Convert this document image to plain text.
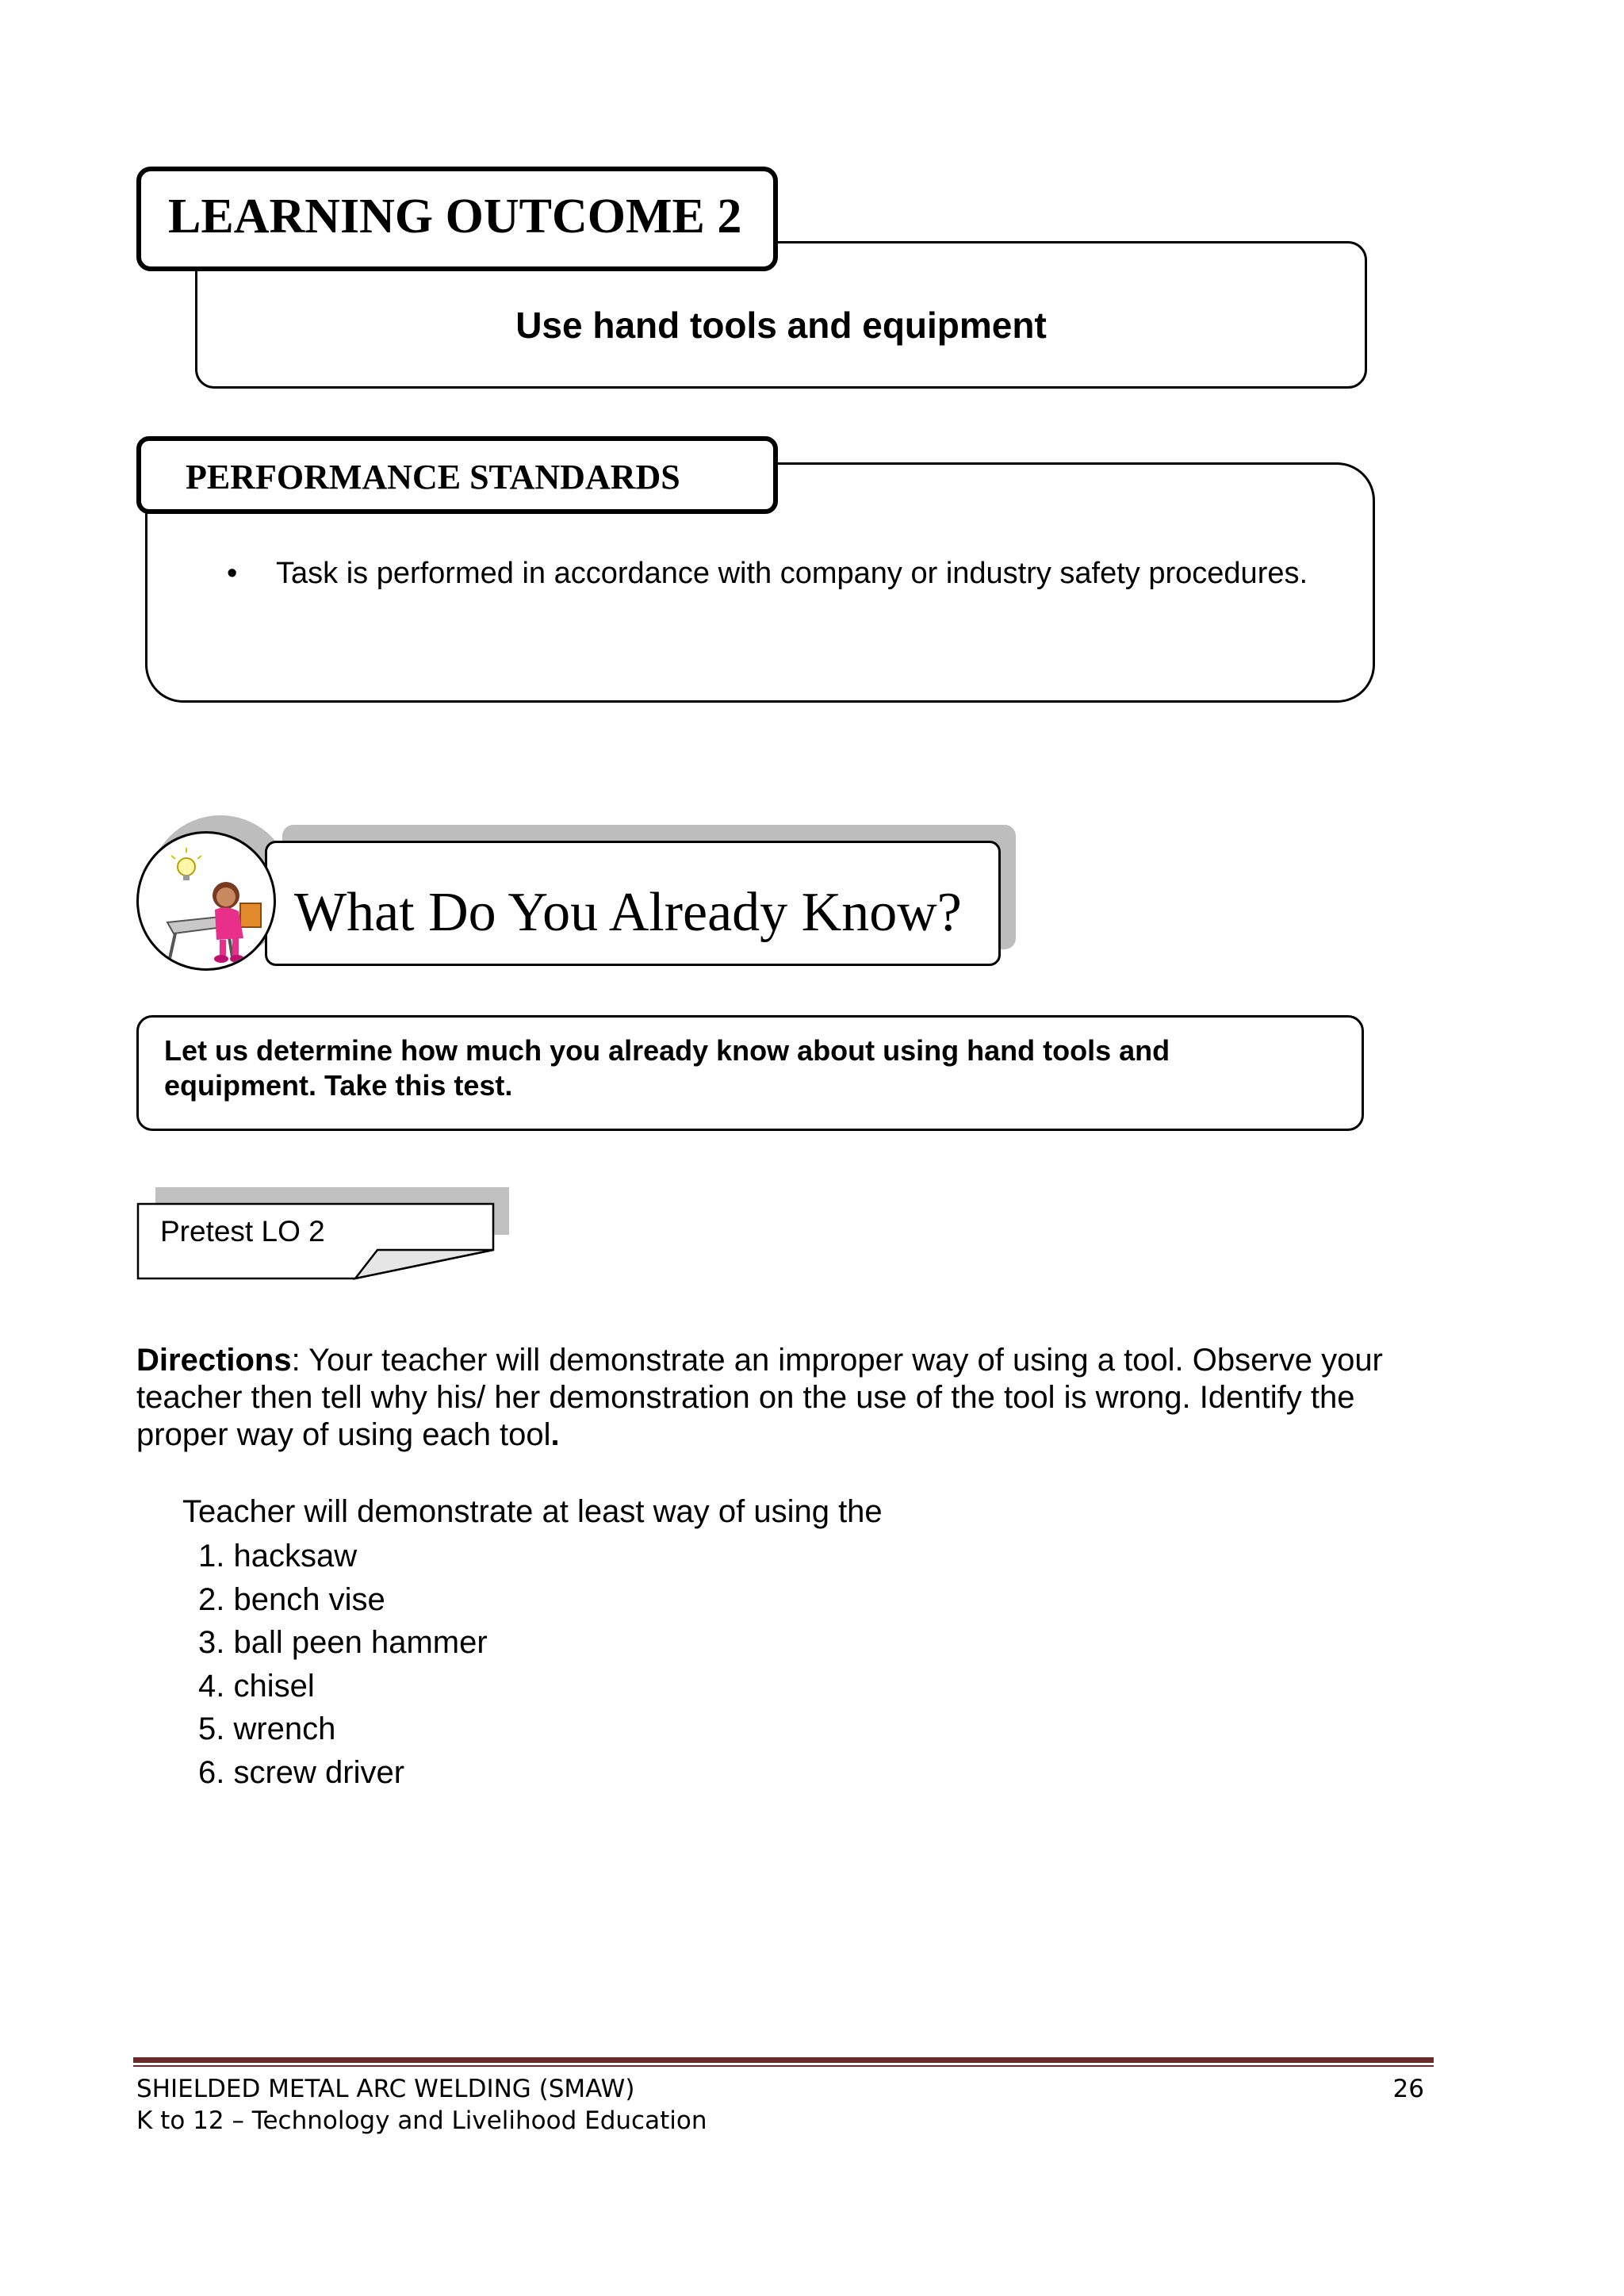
Use hand tools and equipment
LEARNING OUTCOME 2
• Task is performed in accordance with company or industry safety procedures.
PERFORMANCE STANDARDS
What Do You Already Know?
Let us determine how much you already know about using hand tools and equipment. Take this test.
Pretest LO 2
Directions: Your teacher will demonstrate an improper way of using a tool. Observe your teacher then tell why his/ her demonstration on the use of the tool is wrong. Identify the proper way of using each tool.
Teacher will demonstrate at least way of using the
1. hacksaw
2. bench vise
3. ball peen hammer
4. chisel
5. wrench
6. screw driver
SHIELDED METAL ARC WELDING (SMAW)
K to 12 – Technology and Livelihood Education
26
